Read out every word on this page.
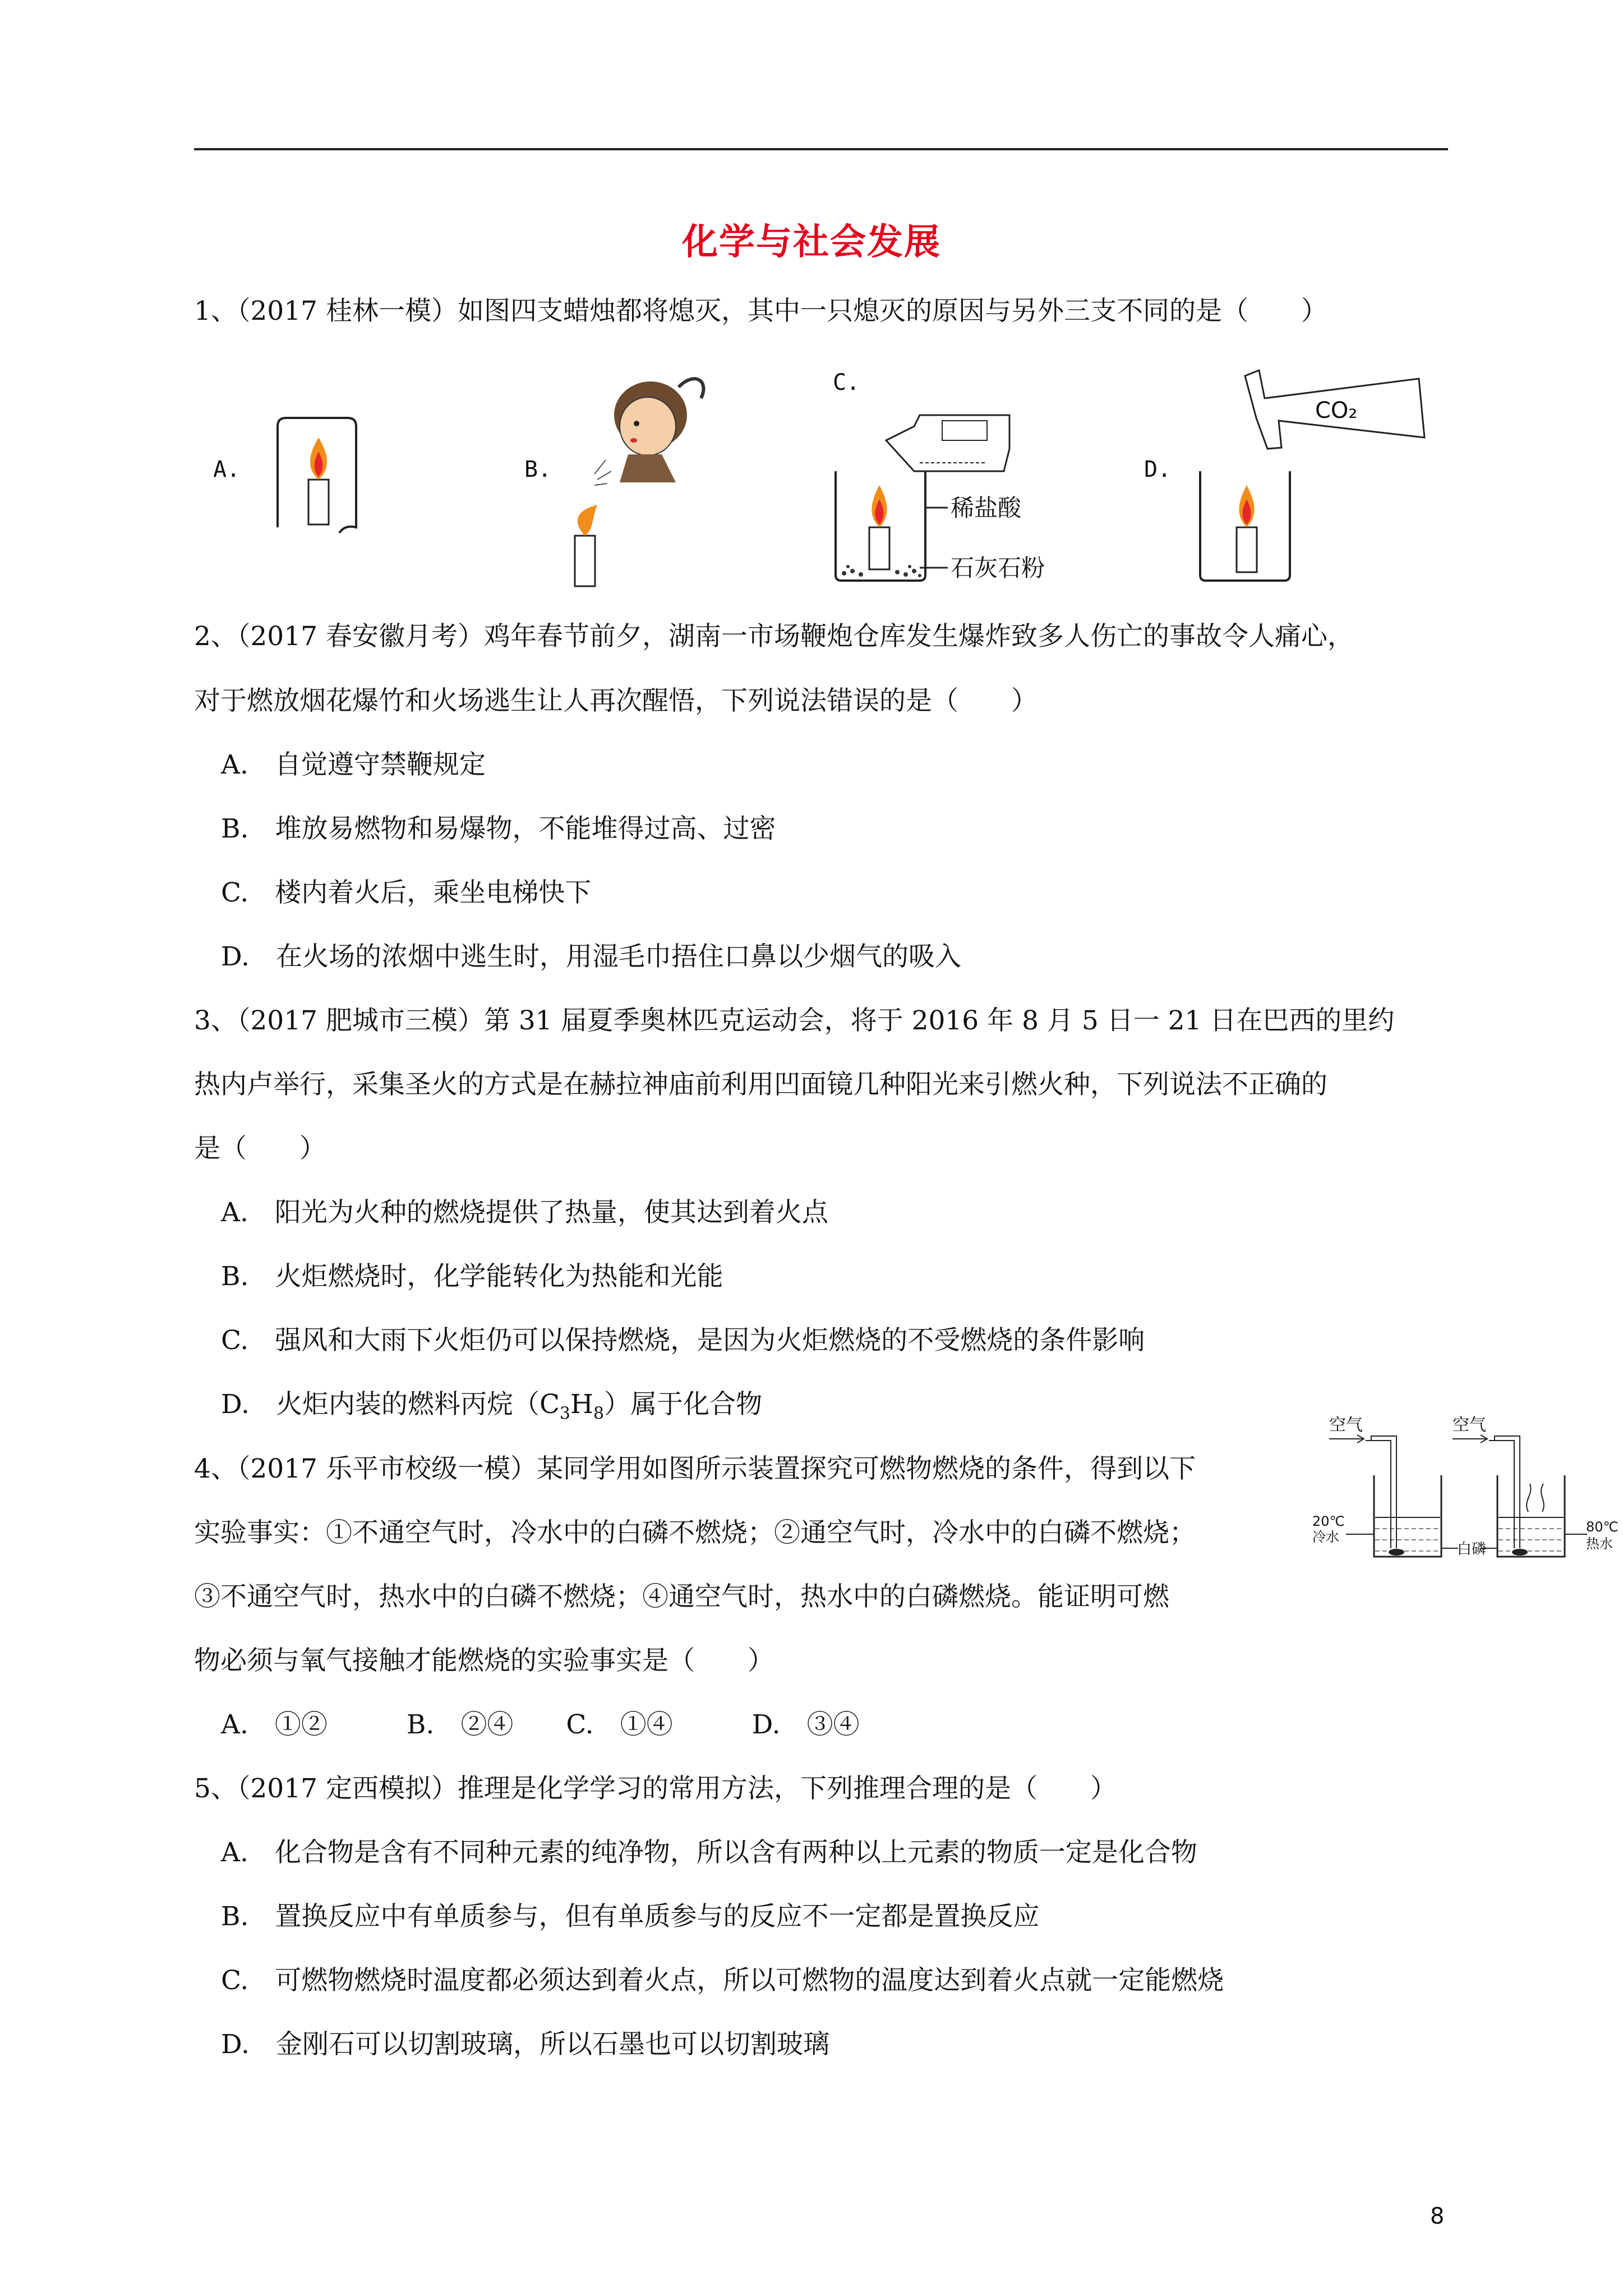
化学与社会发展
1、（2017 桂林一模）如图四支蜡烛都将熄灭，其中一只熄灭的原因与另外三支不同的是（　　）
A.	B.
C.
稀盐酸
石灰石粉
D.
CO₂
2、（2017 春安徽月考）鸡年春节前夕，湖南一市场鞭炮仓库发生爆炸致多人伤亡的事故令人痛心，
对于燃放烟花爆竹和火场逃生让人再次醒悟，下列说法错误的是（　　）
A.　自觉遵守禁鞭规定
B.　堆放易燃物和易爆物，不能堆得过高、过密
C.　楼内着火后，乘坐电梯快下
D.　在火场的浓烟中逃生时，用湿毛巾捂住口鼻以少烟气的吸入
3、（2017 肥城市三模）第 31 届夏季奥林匹克运动会，将于 2016 年 8 月 5 日一 21 日在巴西的里约
热内卢举行，采集圣火的方式是在赫拉神庙前利用凹面镜几种阳光来引燃火种，下列说法不正确的
是（　　）
A.　阳光为火种的燃烧提供了热量，使其达到着火点
B.　火炬燃烧时，化学能转化为热能和光能
C.　强风和大雨下火炬仍可以保持燃烧，是因为火炬燃烧的不受燃烧的条件影响
D.　火炬内装的燃料丙烷$(C_3H_8)$属于化合物
4、（2017 乐平市校级一模）某同学用如图所示装置探究可燃物燃烧的条件，得到以下
实验事实：①不通空气时，冷水中的白磷不燃烧；②通空气时，冷水中的白磷不燃烧；
③不通空气时，热水中的白磷不燃烧；④通空气时，热水中的白磷燃烧。能证明可燃
物必须与氧气接触才能燃烧的实验事实是（　　）
A.　①②　　　B.　②④　　C.　①④　　　D.　③④
空气	空气
20℃
冷水
白磷
80℃
热水
5、（2017 定西模拟）推理是化学学习的常用方法，下列推理合理的是（　　）
A.　化合物是含有不同种元素的纯净物，所以含有两种以上元素的物质一定是化合物
B.　置换反应中有单质参与，但有单质参与的反应不一定都是置换反应
C.　可燃物燃烧时温度都必须达到着火点，所以可燃物的温度达到着火点就一定能燃烧
D.　金刚石可以切割玻璃，所以石墨也可以切割玻璃
8
